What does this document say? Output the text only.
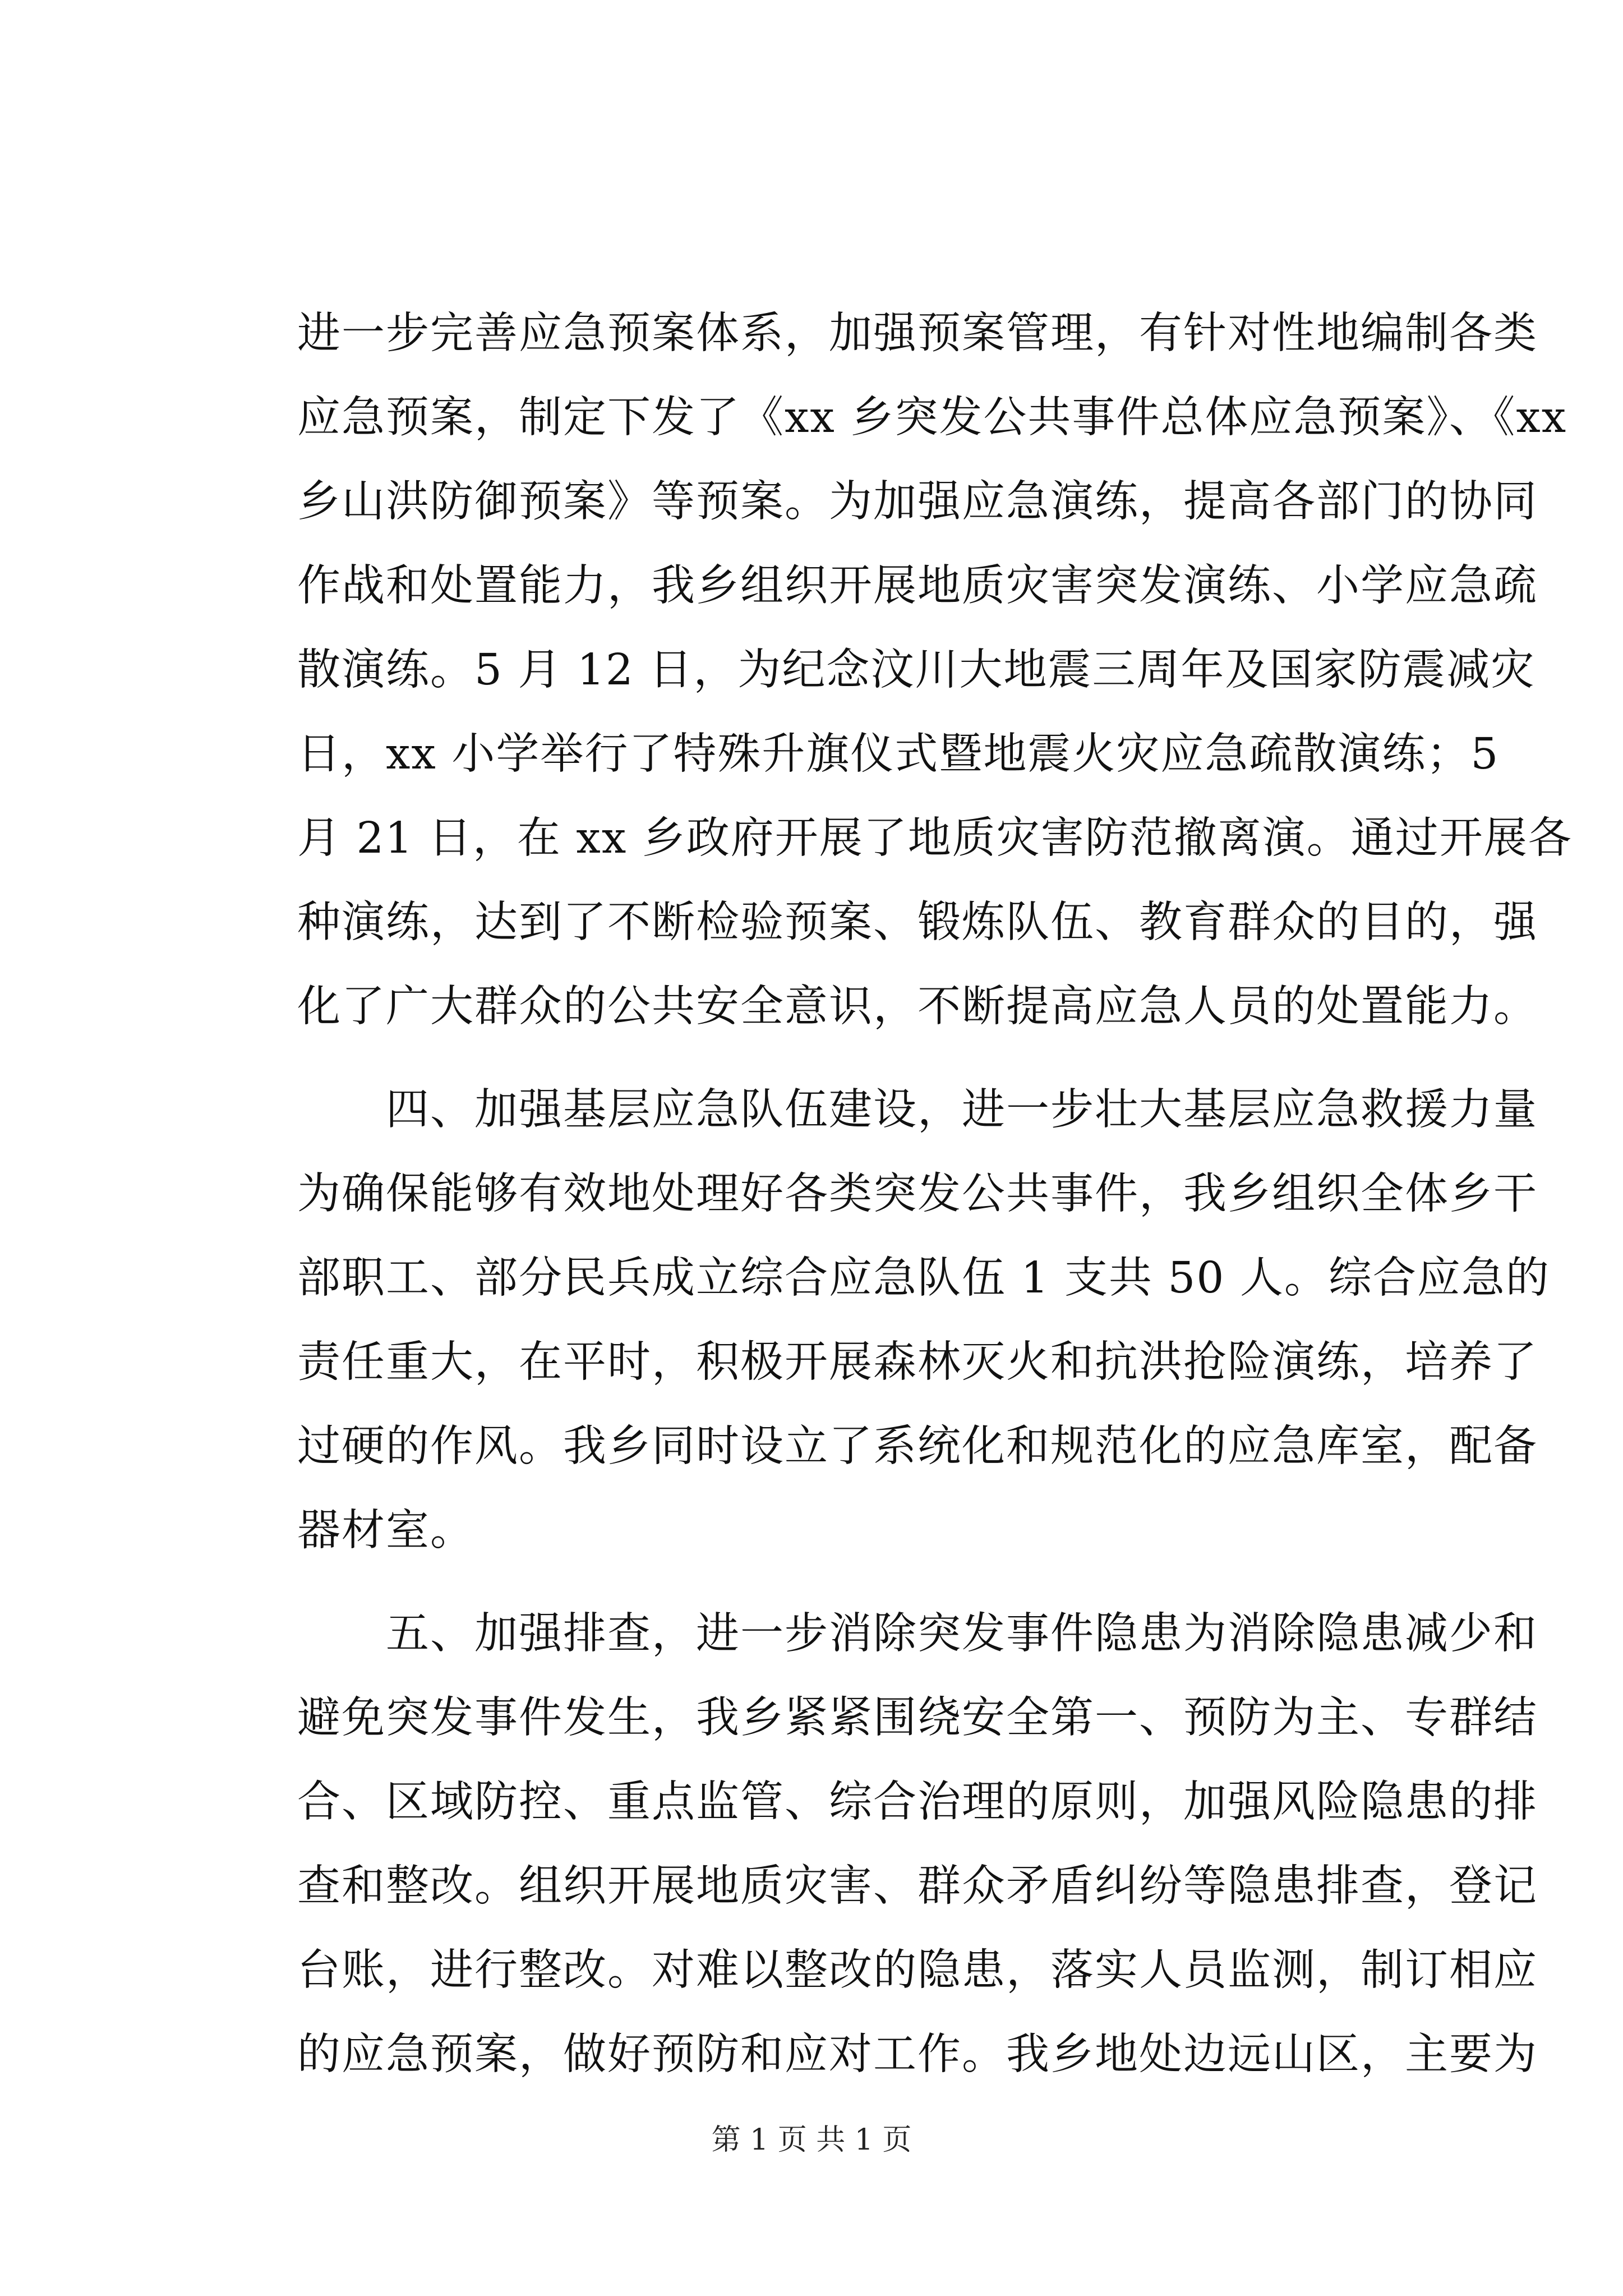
进一步完善应急预案体系，加强预案管理，有针对性地编制各类
应急预案，制定下发了《xx 乡突发公共事件总体应急预案》、《xx
乡山洪防御预案》等预案。为加强应急演练，提高各部门的协同
作战和处置能力，我乡组织开展地质灾害突发演练、小学应急疏
散演练。5 月 12 日，为纪念汶川大地震三周年及国家防震减灾
日，xx 小学举行了特殊升旗仪式暨地震火灾应急疏散演练；5
月 21 日，在 xx 乡政府开展了地质灾害防范撤离演。通过开展各
种演练，达到了不断检验预案、锻炼队伍、教育群众的目的，强
化了广大群众的公共安全意识，不断提高应急人员的处置能力。
　　四、加强基层应急队伍建设，进一步壮大基层应急救援力量
为确保能够有效地处理好各类突发公共事件，我乡组织全体乡干
部职工、部分民兵成立综合应急队伍 1 支共 50 人。综合应急的
责任重大，在平时，积极开展森林灭火和抗洪抢险演练，培养了
过硬的作风。我乡同时设立了系统化和规范化的应急库室，配备
器材室。
　　五、加强排查，进一步消除突发事件隐患为消除隐患减少和
避免突发事件发生，我乡紧紧围绕安全第一、预防为主、专群结
合、区域防控、重点监管、综合治理的原则，加强风险隐患的排
查和整改。组织开展地质灾害、群众矛盾纠纷等隐患排查，登记
台账，进行整改。对难以整改的隐患，落实人员监测，制订相应
的应急预案，做好预防和应对工作。我乡地处边远山区，主要为
第 1 页 共 1 页
